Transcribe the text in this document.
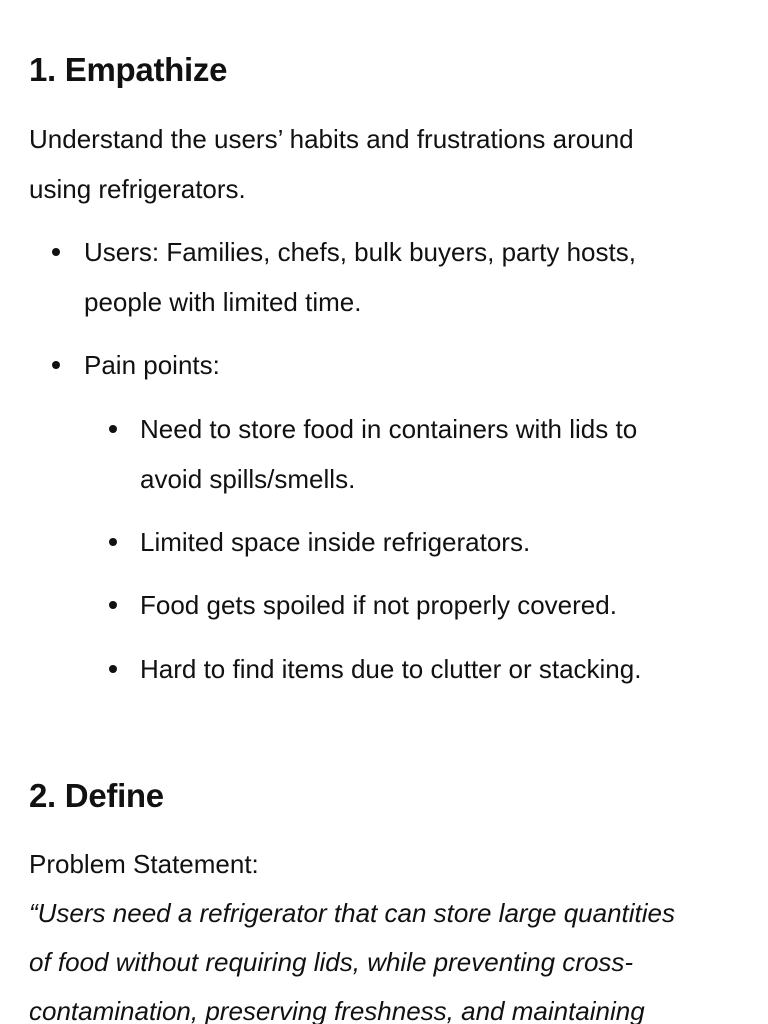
1. Empathize

Understand the users’ habits and frustrations around

using refrigerators.

Users: Families, chefs, bulk buyers, party hosts,

people with limited time.

Pain points:

Need to store food in containers with lids to

avoid spills/smells.

Limited space inside refrigerators.

Food gets spoiled if not properly covered.

Hard to find items due to clutter or stacking.

2. Define

Problem Statement:

“Users need a refrigerator that can store large quantities

of food without requiring lids, while preventing cross-

contamination, preserving freshness, and maintaining
